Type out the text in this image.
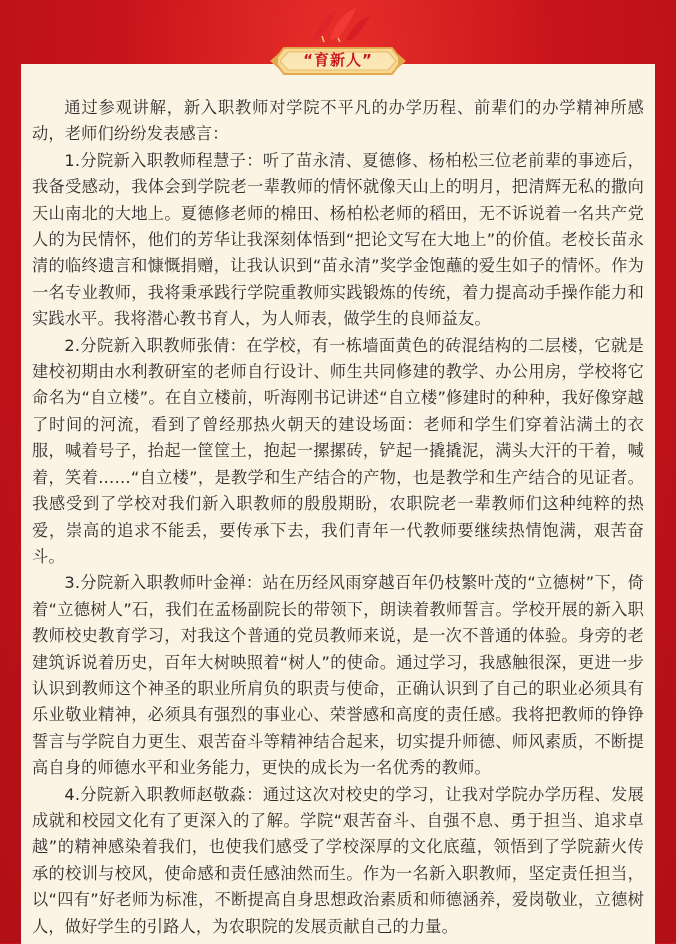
“育新人”

通过参观讲解，新入职教师对学院不平凡的办学历程、前辈们的办学精神所感动，老师们纷纷发表感言：

1.分院新入职教师程慧子：听了苗永清、夏德修、杨柏松三位老前辈的事迹后，我备受感动，我体会到学院老一辈教师的情怀就像天山上的明月，把清辉无私的撒向天山南北的大地上。夏德修老师的棉田、杨柏松老师的稻田，无不诉说着一名共产党人的为民情怀，他们的芳华让我深刻体悟到“把论文写在大地上”的价值。老校长苗永清的临终遗言和慷慨捐赠，让我认识到“苗永清”奖学金饱蘸的爱生如子的情怀。作为一名专业教师，我将秉承践行学院重教师实践锻炼的传统，着力提高动手操作能力和实践水平。我将潜心教书育人，为人师表，做学生的良师益友。

2.分院新入职教师张倩：在学校，有一栋墙面黄色的砖混结构的二层楼，它就是建校初期由水利教研室的老师自行设计、师生共同修建的教学、办公用房，学校将它命名为“自立楼”。在自立楼前，听海刚书记讲述“自立楼”修建时的种种，我好像穿越了时间的河流，看到了曾经那热火朝天的建设场面：老师和学生们穿着沾满土的衣服，喊着号子，抬起一筐筐土，抱起一摞摞砖，铲起一撬撬泥，满头大汗的干着，喊着，笑着……“自立楼”，是教学和生产结合的产物，也是教学和生产结合的见证者。我感受到了学校对我们新入职教师的殷殷期盼，农职院老一辈教师们这种纯粹的热爱，崇高的追求不能丢，要传承下去，我们青年一代教师要继续热情饱满，艰苦奋斗。

3.分院新入职教师叶金禅：站在历经风雨穿越百年仍枝繁叶茂的“立德树”下，倚着“立德树人”石，我们在孟杨副院长的带领下，朗读着教师誓言。学校开展的新入职教师校史教育学习，对我这个普通的党员教师来说，是一次不普通的体验。身旁的老建筑诉说着历史，百年大树映照着“树人”的使命。通过学习，我感触很深，更进一步认识到教师这个神圣的职业所肩负的职责与使命，正确认识到了自己的职业必须具有乐业敬业精神，必须具有强烈的事业心、荣誉感和高度的责任感。我将把教师的铮铮誓言与学院自力更生、艰苦奋斗等精神结合起来，切实提升师德、师风素质，不断提高自身的师德水平和业务能力，更快的成长为一名优秀的教师。

4.分院新入职教师赵敬淼：通过这次对校史的学习，让我对学院办学历程、发展成就和校园文化有了更深入的了解。学院“艰苦奋斗、自强不息、勇于担当、追求卓越”的精神感染着我们，也使我们感受了学校深厚的文化底蕴，领悟到了学院薪火传承的校训与校风，使命感和责任感油然而生。作为一名新入职教师，坚定责任担当，以“四有”好老师为标准，不断提高自身思想政治素质和师德涵养，爱岗敬业，立德树人，做好学生的引路人，为农职院的发展贡献自己的力量。
